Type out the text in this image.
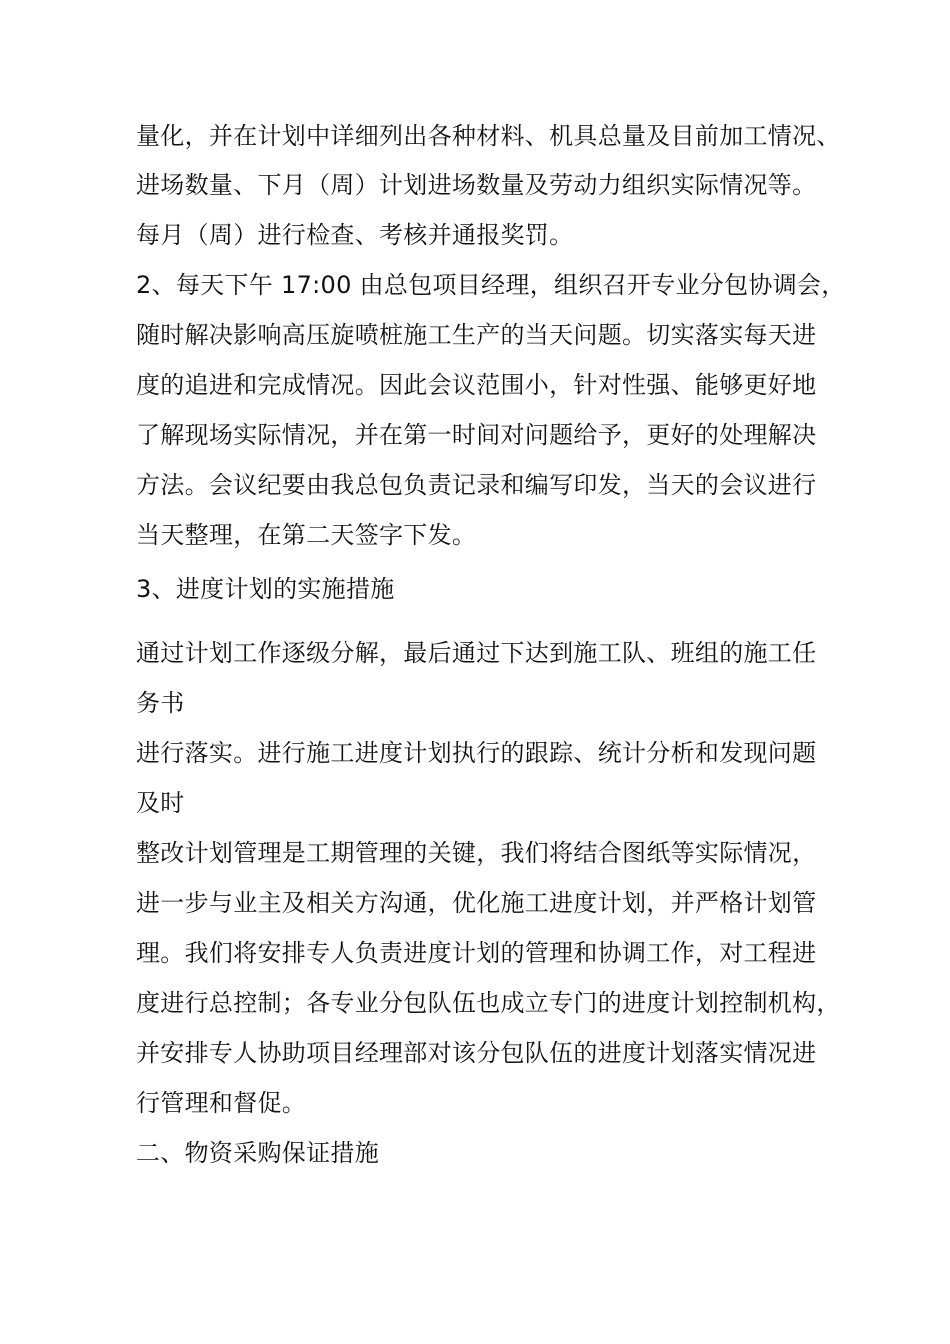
量化，并在计划中详细列出各种材料、机具总量及目前加工情况、
进场数量、下月（周）计划进场数量及劳动力组织实际情况等。
每月（周）进行检查、考核并通报奖罚。
2、每天下午 17:00 由总包项目经理，组织召开专业分包协调会，
随时解决影响高压旋喷桩施工生产的当天问题。切实落实每天进
度的追进和完成情况。因此会议范围小，针对性强、能够更好地
了解现场实际情况，并在第一时间对问题给予，更好的处理解决
方法。会议纪要由我总包负责记录和编写印发，当天的会议进行
当天整理，在第二天签字下发。
3、进度计划的实施措施
通过计划工作逐级分解，最后通过下达到施工队、班组的施工任
务书
进行落实。进行施工进度计划执行的跟踪、统计分析和发现问题
及时
整改计划管理是工期管理的关键，我们将结合图纸等实际情况，
进一步与业主及相关方沟通，优化施工进度计划，并严格计划管
理。我们将安排专人负责进度计划的管理和协调工作，对工程进
度进行总控制；各专业分包队伍也成立专门的进度计划控制机构，
并安排专人协助项目经理部对该分包队伍的进度计划落实情况进
行管理和督促。
二、物资采购保证措施
